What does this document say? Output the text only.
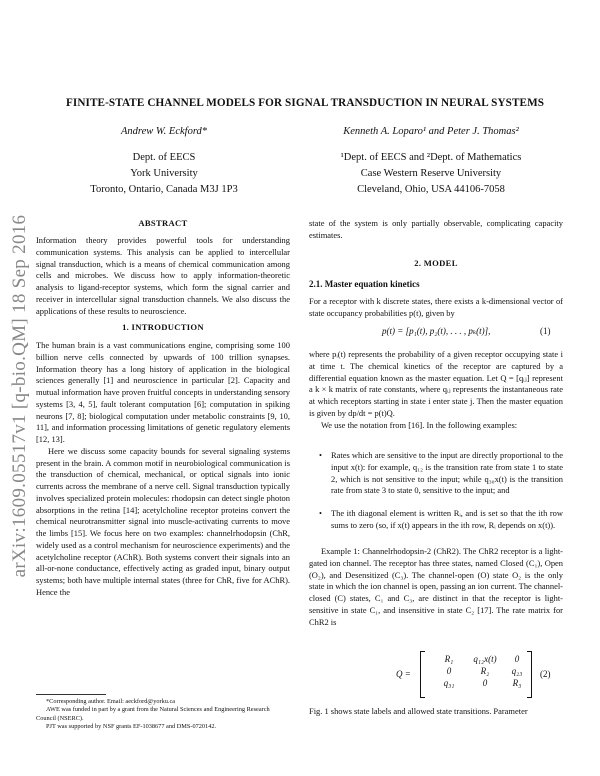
arXiv:1609.05517v1 [q-bio.QM] 18 Sep 2016
FINITE-STATE CHANNEL MODELS FOR SIGNAL TRANSDUCTION IN NEURAL SYSTEMS
Andrew W. Eckford*
Dept. of EECS
York University
Toronto, Ontario, Canada M3J 1P3
Kenneth A. Loparo¹ and Peter J. Thomas²
¹Dept. of EECS and ²Dept. of Mathematics
Case Western Reserve University
Cleveland, Ohio, USA 44106-7058
ABSTRACT

Information theory provides powerful tools for understanding communication systems. This analysis can be applied to intercellular signal transduction, which is a means of chemical communication among cells and microbes. We discuss how to apply information-theoretic analysis to ligand-receptor systems, which form the signal carrier and receiver in intercellular signal transduction channels. We also discuss the applications of these results to neuroscience.

1. INTRODUCTION

The human brain is a vast communications engine, comprising some 100 billion nerve cells connected by upwards of 100 trillion synapses. Information theory has a long history of application in the biological sciences generally [1] and neuroscience in particular [2]. Capacity and mutual information have proven fruitful concepts in understanding sensory systems [3, 4, 5], fault tolerant computation [6]; computation in spiking neurons [7, 8]; biological computation under metabolic constraints [9, 10, 11], and information processing limitations of genetic regulatory elements [12, 13].

Here we discuss some capacity bounds for several signaling systems present in the brain. A common motif in neurobiological communication is the transduction of chemical, mechanical, or optical signals into ionic currents across the membrane of a nerve cell. Signal transduction typically involves specialized protein molecules: rhodopsin can detect single photon absorptions in the retina [14]; acetylcholine receptor proteins convert the chemical neurotransmitter signal into muscle-activating currents to move the limbs [15]. We focus here on two examples: channelrhodopsin (ChR, widely used as a control mechanism for neuroscience experiments) and the acetylcholine receptor (AChR). Both systems convert their signals into an all-or-none conductance, effectively acting as graded input, binary output systems; both have multiple internal states (three for ChR, five for AChR). Hence the

*Corresponding author. Email: aeckford@yorku.ca
AWE was funded in part by a grant from the Natural Sciences and Engineering Research Council (NSERC).
PJT was supported by NSF grants EF-1038677 and DMS-0720142.

state of the system is only partially observable, complicating capacity estimates.

2. MODEL
2.1. Master equation kinetics

For a receptor with k discrete states, there exists a k-dimensional vector of state occupancy probabilities p(t), given by

p(t) = [p₁(t), p₂(t), . . . , pₖ(t)],	(1)

where pᵢ(t) represents the probability of a given receptor occupying state i at time t. The chemical kinetics of the receptor are captured by a differential equation known as the master equation. Let Q = [qᵢⱼ] represent a k × k matrix of rate constants, where qᵢⱼ represents the instantaneous rate at which receptors starting in state i enter state j. Then the master equation is given by dp/dt = p(t)Q.

We use the notation from [16]. In the following examples:

• Rates which are sensitive to the input are directly proportional to the input x(t): for example, q₁₂ is the transition rate from state 1 to state 2, which is not sensitive to the input; while q₃₀x(t) is the transition rate from state 3 to state 0, sensitive to the input; and
• The ith diagonal element is written Rᵢ, and is set so that the ith row sums to zero (so, if x(t) appears in the ith row, Rᵢ depends on x(t)).

Example 1: Channelrhodopsin-2 (ChR2). The ChR2 receptor is a light-gated ion channel. The receptor has three states, named Closed (C₁), Open (O₂), and Desensitized (C₃). The channel-open (O) state O₂ is the only state in which the ion channel is open, passing an ion current. The channel-closed (C) states, C₁ and C₃, are distinct in that the receptor is light-sensitive in state C₁, and insensitive in state C₂ [17]. The rate matrix for ChR2 is

Q =
R₁	q₁₂x(t)	0
0	R₂	q₂₃
q₃₁	0	R₃
(2)

Fig. 1 shows state labels and allowed state transitions. Parameter
